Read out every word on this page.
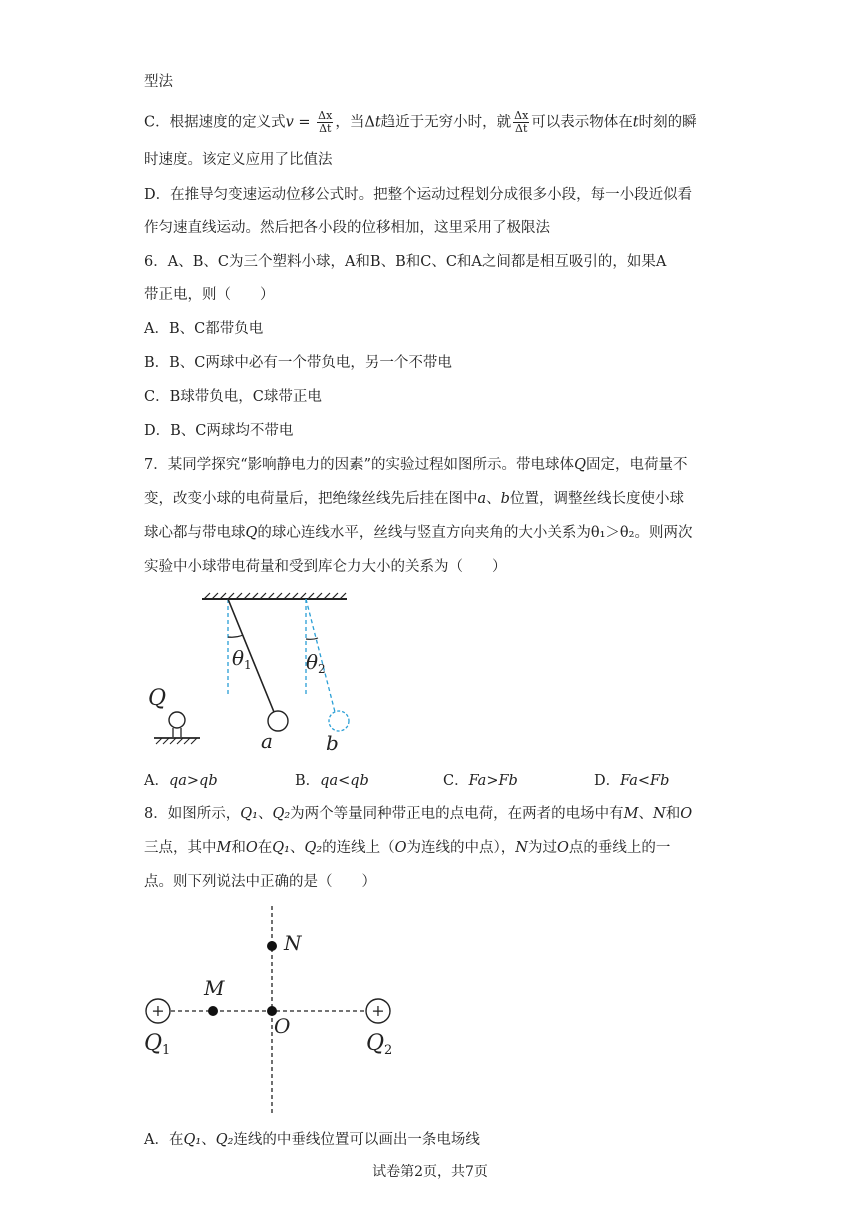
型法
C．根据速度的定义式$v = \frac{\Delta x}{\Delta t}$ ，当Δt趋近于无穷小时，就 $\frac{\Delta x}{\Delta t}$ 可以表示物体在t时刻的瞬
时速度。该定义应用了比值法
D．在推导匀变速运动位移公式时。把整个运动过程划分成很多小段，每一小段近似看
作匀速直线运动。然后把各小段的位移相加，这里采用了极限法
6．A、B、C为三个塑料小球，A和B、B和C、C和A之间都是相互吸引的，如果A
带正电，则（　　）
A．B、C都带负电
B．B、C两球中必有一个带负电，另一个不带电
C．B球带负电，C球带正电
D．B、C两球均不带电
7．某同学探究“影响静电力的因素”的实验过程如图所示。带电球体Q固定，电荷量不
变，改变小球的电荷量后，把绝缘丝线先后挂在图中a、b位置，调整丝线长度使小球
球心都与带电球Q的球心连线水平，丝线与竖直方向夹角的大小关系为θ₁＞θ₂。则两次
实验中小球带电荷量和受到库仑力大小的关系为（　　）
$\theta_1$	$\theta_2$
Q
a	b
A．qa>qb	B．qa<qb	C．Fa>Fb	D．Fa<Fb
8．如图所示，Q₁、Q₂为两个等量同种带正电的点电荷，在两者的电场中有M、N和O
三点，其中M和O在Q₁、Q₂的连线上（O为连线的中点），N为过O点的垂线上的一
点。则下列说法中正确的是（　　）
+	+
N
M
O
Q1	Q2
A．在Q₁、Q₂连线的中垂线位置可以画出一条电场线
试卷第2页，共7页
